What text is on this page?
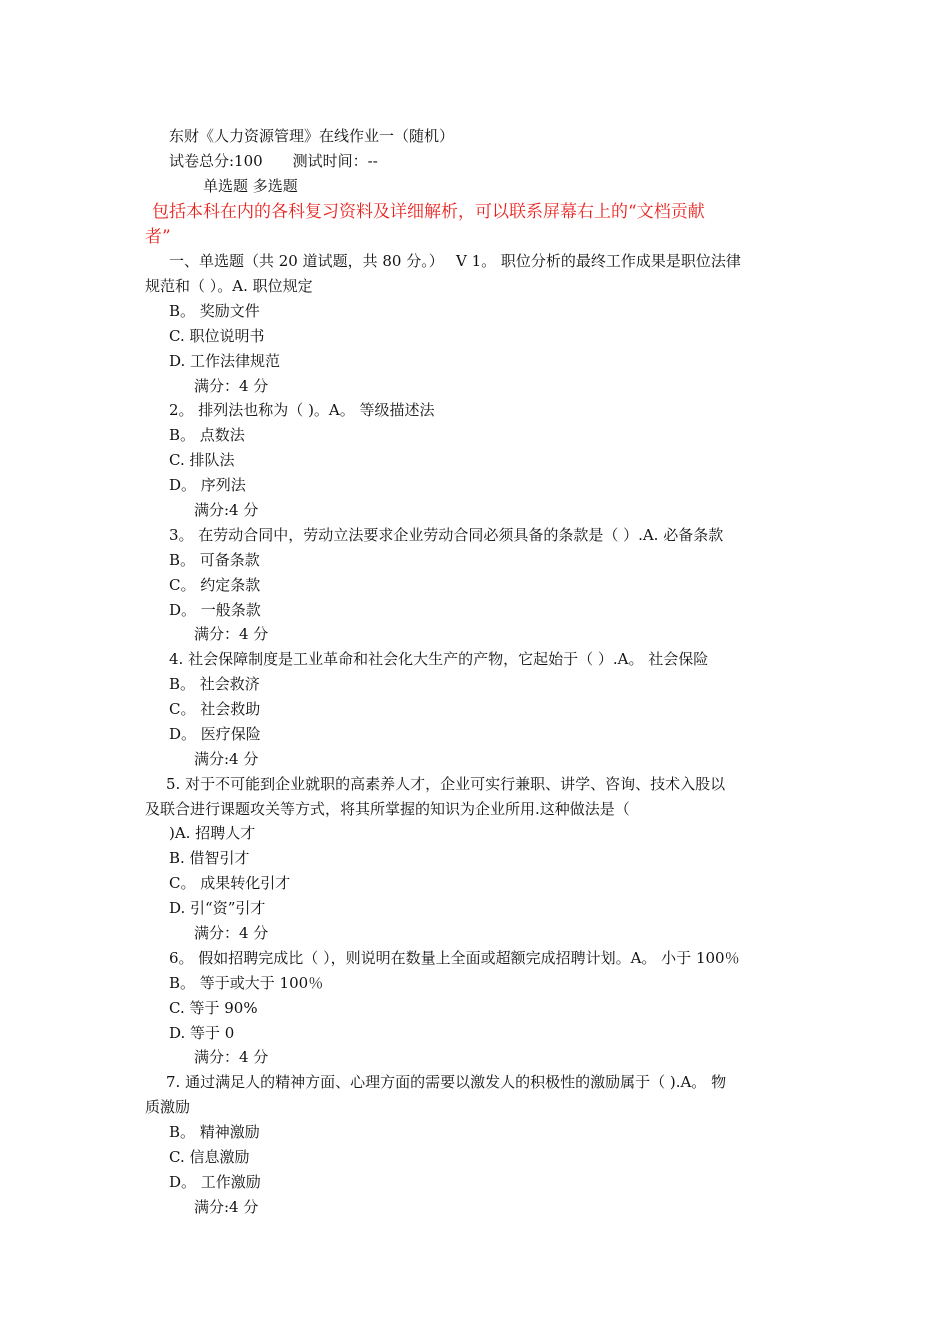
东财《人力资源管理》在线作业一（随机）
试卷总分:100　　测试时间：--
单选题 多选题
包括本科在内的各科复习资料及详细解析，可以联系屏幕右上的“文档贡献
者”
一、单选题（共 20 道试题，共 80 分。）　 V 1。 职位分析的最终工作成果是职位法律
规范和（ ）。A. 职位规定
B。 奖励文件
C. 职位说明书
D. 工作法律规范
满分：4 分
2。 排列法也称为（ )。A。 等级描述法
B。 点数法
C. 排队法
D。 序列法
满分:4 分
3。 在劳动合同中，劳动立法要求企业劳动合同必须具备的条款是（ ）.A. 必备条款
B。 可备条款
C。 约定条款
D。 一般条款
满分：4 分
4. 社会保障制度是工业革命和社会化大生产的产物，它起始于（ ）.A。 社会保险
B。 社会救济
C。 社会救助
D。 医疗保险
满分:4 分
5. 对于不可能到企业就职的高素养人才，企业可实行兼职、讲学、咨询、技术入股以
及联合进行课题攻关等方式，将其所掌握的知识为企业所用.这种做法是（
)A. 招聘人才
B. 借智引才
C。 成果转化引才
D. 引“资”引才
满分：4 分
6。 假如招聘完成比（ ），则说明在数量上全面或超额完成招聘计划。A。 小于 100％
B。 等于或大于 100％
C. 等于 90%
D. 等于 0
满分：4 分
7. 通过满足人的精神方面、心理方面的需要以激发人的积极性的激励属于（ ).A。 物
质激励
B。 精神激励
C. 信息激励
D。 工作激励
满分:4 分
